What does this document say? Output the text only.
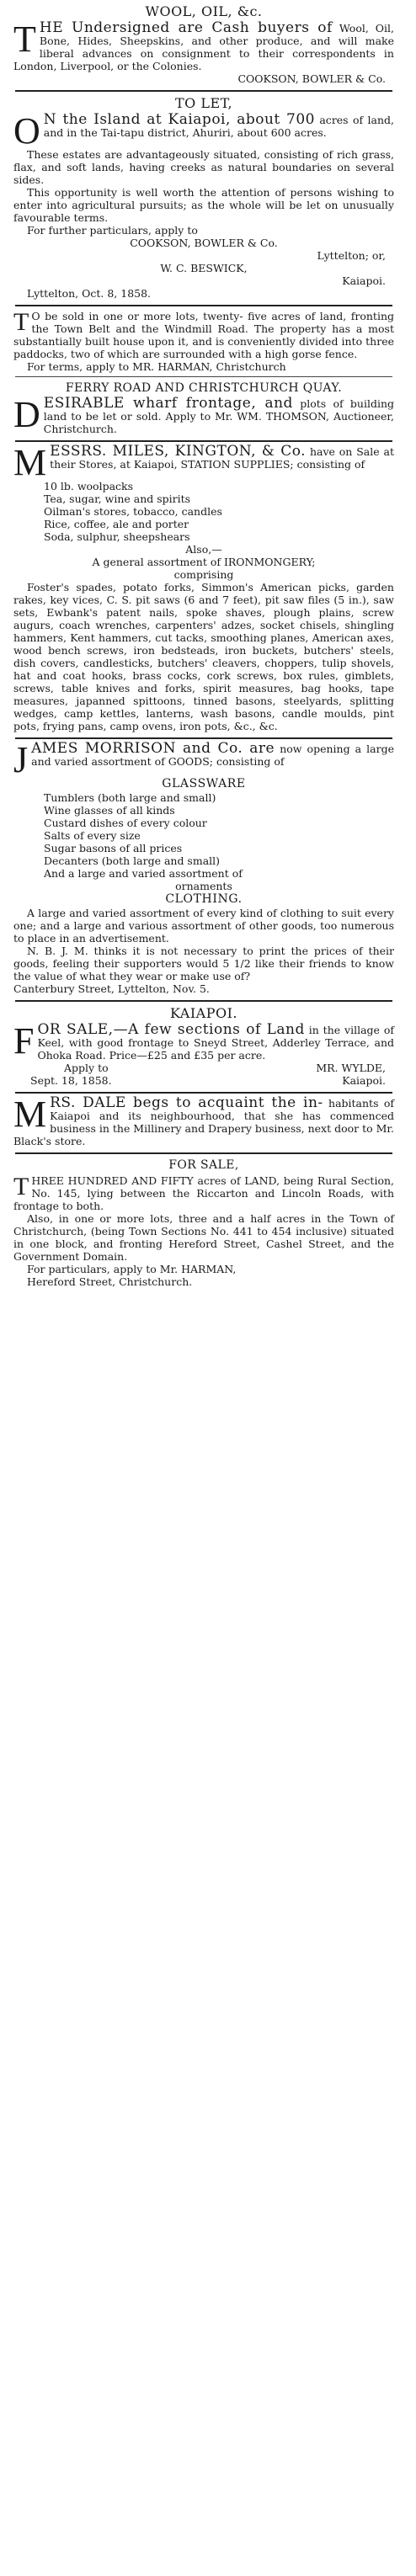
WOOL, OIL, &c.

THE Undersigned are Cash buyers of Wool, Oil, Bone, Hides, Sheepskins, and other produce, and will make liberal advances on consignment to their correspondents in London, Liverpool, or the Colonies.

COOKSON, BOWLER & Co.
TO LET,

O N the Island at Kaiapoi, about 700 acres of land, and in the Tai-tapu district, Ahuriri, about 600 acres.

These estates are advantageously situated, consisting of rich grass, flax, and soft lands, having creeks as natural boundaries on several sides.

This opportunity is well worth the attention of persons wishing to enter into agricultural pursuits; as the whole will be let on unusually favourable terms.

For further particulars, apply to

COOKSON, BOWLER & Co.
Lyttelton; or,
W. C. BESWICK,
Kaiapoi.

Lyttelton, Oct. 8, 1858.

T O be sold in one or more lots, twenty- five acres of land, fronting the Town Belt and the Windmill Road. The property has a most substantially built house upon it, and is conveniently divided into three paddocks, two of which are surrounded with a high gorse fence.

For terms, apply to MR. HARMAN, Christchurch

FERRY ROAD AND CHRISTCHURCH QUAY.

DESIRABLE wharf frontage, and plots of building land to be let or sold. Apply to Mr. WM. THOMSON, Auctioneer, Christchurch.

MESSRS. MILES, KINGTON, & Co. have on Sale at their Stores, at Kaiapoi, STATION SUPPLIES; consisting of

10 lb. woolpacks
Tea, sugar, wine and spirits
Oilman's stores, tobacco, candles
Rice, coffee, ale and porter
Soda, sulphur, sheepshears
Also,—
A general assortment of IRONMONGERY;
comprising

Foster's spades, potato forks, Simmon's American picks, garden rakes, key vices, C. S. pit saws (6 and 7 feet), pit saw files (5 in.), saw sets, Ewbank's patent nails, spoke shaves, plough plains, screw augurs, coach wrenches, carpenters' adzes, socket chisels, shingling hammers, Kent hammers, cut tacks, smoothing planes, American axes, wood bench screws, iron bedsteads, iron buckets, butchers' steels, dish covers, candlesticks, butchers' cleavers, choppers, tulip shovels, hat and coat hooks, brass cocks, cork screws, box rules, gimblets, screws, table knives and forks, spirit measures, bag hooks, tape measures, japanned spittoons, tinned basons, steelyards, splitting wedges, camp kettles, lanterns, wash basons, candle moulds, pint pots, frying pans, camp ovens, iron pots, &c., &c.

JAMES MORRISON and Co. are now opening a large and varied assortment of GOODS; consisting of

GLASSWARE
Tumblers (both large and small)
Wine glasses of all kinds
Custard dishes of every colour
Salts of every size
Sugar basons of all prices
Decanters (both large and small)
And a large and varied assortment of
ornaments
CLOTHING.

A large and varied assortment of every kind of clothing to suit every one; and a large and various assortment of other goods, too numerous to place in an advertisement.

N. B. J. M. thinks it is not necessary to print the prices of their goods, feeling their supporters would 5 1/2 like their friends to know the value of what they wear or make use of?

Canterbury Street, Lyttelton, Nov. 5.

KAIAPOI.

FOR SALE,—A few sections of Land in the village of Keel, with good frontage to Sneyd Street, Adderley Terrace, and Ohoka Road. Price—£25 and £35 per acre.

Apply to	MR. WYLDE,
Sept. 18, 1858.	Kaiapoi.

MRS. DALE begs to acquaint the in- habitants of Kaiapoi and its neighbourhood, that she has commenced business in the Millinery and Drapery business, next door to Mr. Black's store.

FOR SALE,

THREE HUNDRED AND FIFTY acres of LAND, being Rural Section, No. 145, lying between the Riccarton and Lincoln Roads, with frontage to both.

Also, in one or more lots, three and a half acres in the Town of Christchurch, (being Town Sections No. 441 to 454 inclusive) situated in one block, and fronting Hereford Street, Cashel Street, and the Government Domain.

For particulars, apply to Mr. HARMAN,

Hereford Street, Christchurch.
